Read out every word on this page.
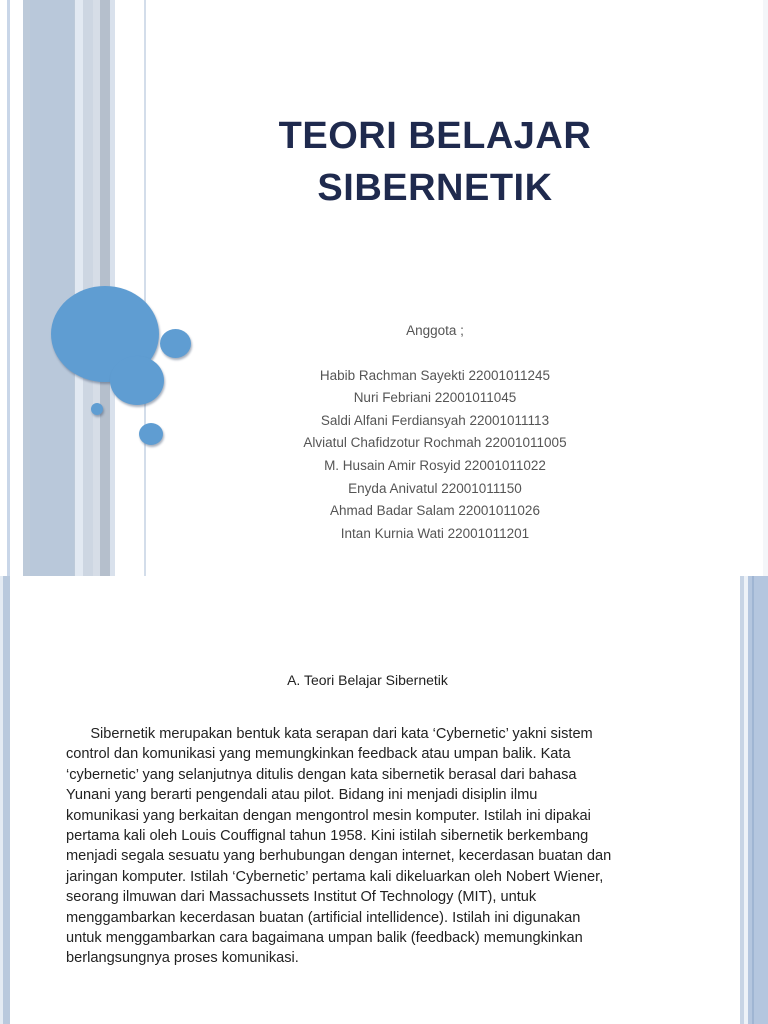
TEORI BELAJAR
SIBERNETIK
Anggota ;
Habib Rachman Sayekti 22001011245
Nuri Febriani 22001011045
Saldi Alfani Ferdiansyah 22001011113
Alviatul Chafidzotur Rochmah 22001011005
M. Husain Amir Rosyid 22001011022
Enyda Anivatul 22001011150
Ahmad Badar Salam 22001011026
Intan Kurnia Wati 22001011201
A. Teori Belajar Sibernetik
Sibernetik merupakan bentuk kata serapan dari kata ‘Cybernetic’ yakni sistem
control dan komunikasi yang memungkinkan feedback atau umpan balik. Kata
‘cybernetic’ yang selanjutnya ditulis dengan kata sibernetik berasal dari bahasa
Yunani yang berarti pengendali atau pilot. Bidang ini menjadi disiplin ilmu
komunikasi yang berkaitan dengan mengontrol mesin komputer. Istilah ini dipakai
pertama kali oleh Louis Couffignal tahun 1958. Kini istilah sibernetik berkembang
menjadi segala sesuatu yang berhubungan dengan internet, kecerdasan buatan dan
jaringan komputer. Istilah ‘Cybernetic’ pertama kali dikeluarkan oleh Nobert Wiener,
seorang ilmuwan dari Massachussets Institut Of Technology (MIT), untuk
menggambarkan kecerdasan buatan (artificial intellidence). Istilah ini digunakan
untuk menggambarkan cara bagaimana umpan balik (feedback) memungkinkan
berlangsungnya proses komunikasi.
